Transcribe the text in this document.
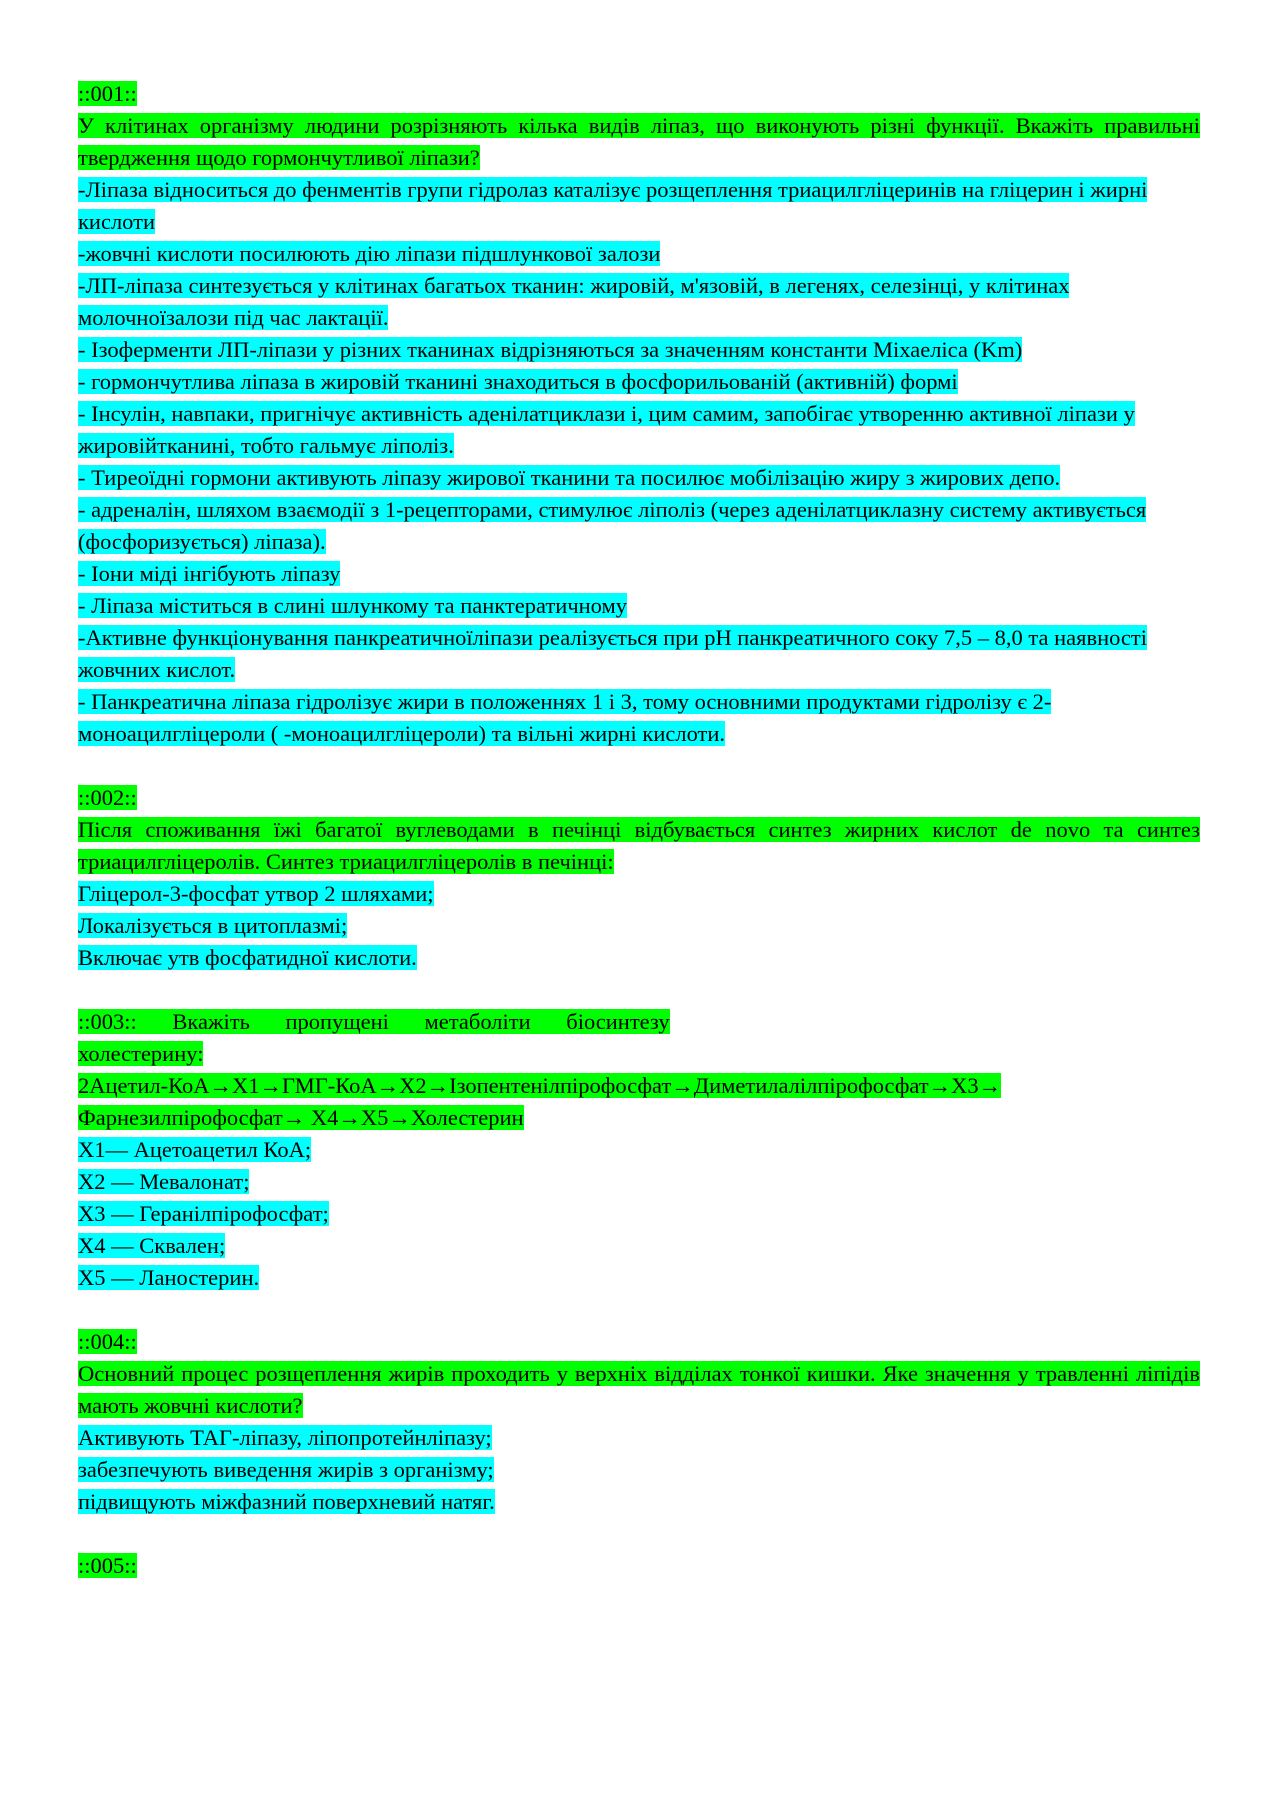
::001::

У клітинах організму людини розрізняють кілька видів ліпаз, що виконують різні функції. Вкажіть правильні твердження щодо гормончутливої ліпази?

-Ліпаза відноситься до фенментів групи гідролаз каталізує розщеплення триацилгліцеринів на гліцерин і жирні кислоти

-жовчні кислоти посилюють дію ліпази підшлункової залози

-ЛП-ліпаза синтезується у клітинах багатьох тканин: жировій, м'язовій, в легенях, селезінці, у клітинах молочноїзалози під час лактації.

- Ізоферменти ЛП-ліпази у різних тканинах відрізняються за значенням константи Міхаеліса (Km)

- гормончутлива ліпаза в жировій тканині знаходиться в фосфорильованій (активній) формі

- Інсулін, навпаки, пригнічує активність аденілатциклази і, цим самим, запобігає утворенню активної ліпази у жировійтканині, тобто гальмує ліполіз.

- Тиреоїдні гормони активують ліпазу жирової тканини та посилює мобілізацію жиру з жирових депо.

- адреналін, шляхом взаємодії з 1-рецепторами, стимулює ліполіз (через аденілатциклазну систему активується (фосфоризується) ліпаза).

- Іони міді інгібують ліпазу

- Ліпаза міститься в слині шлункому та панктератичному

-Активне функціонування панкреатичноїліпази реалізується при pH панкреатичного соку 7,5 – 8,0 та наявності жовчних кислот.

- Панкреатична ліпаза гідролізує жири в положеннях 1 і 3, тому основними продуктами гідролізу є 2-моноацилгліцероли ( -моноацилгліцероли) та вільні жирні кислоти.

::002::

Після споживання їжі багатої вуглеводами в печінці відбувається синтез жирних кислот de novo та синтез триацилгліцеролів. Синтез триацилгліцеролів в печінці:

Гліцерол-3-фосфат утвор 2 шляхами;

Локалізується в цитоплазмі;

Включає утв фосфатидної кислоти.

::003:: Вкажіть пропущені метаболіти біосинтезу

холестерину:

2Ацетил-КоА→Х1→ГМГ-КоА→Х2→Ізопентенілпірофосфат→Диметилалілпірофосфат→Х3→

Фарнезилпірофосфат→ Х4→Х5→Холестерин

Х1— Ацетоацетил КоА;

Х2 — Мевалонат;

Х3 — Геранілпірофосфат;

Х4 — Сквален;

Х5 — Ланостерин.

::004::

Основний процес розщеплення жирів проходить у верхніх відділах тонкої кишки. Яке значення у травленні ліпідів мають жовчні кислоти?

Активують ТАГ-ліпазу, ліпопротейнліпазу;

забезпечують виведення жирів з організму;

підвищують міжфазний поверхневий натяг.

::005::
